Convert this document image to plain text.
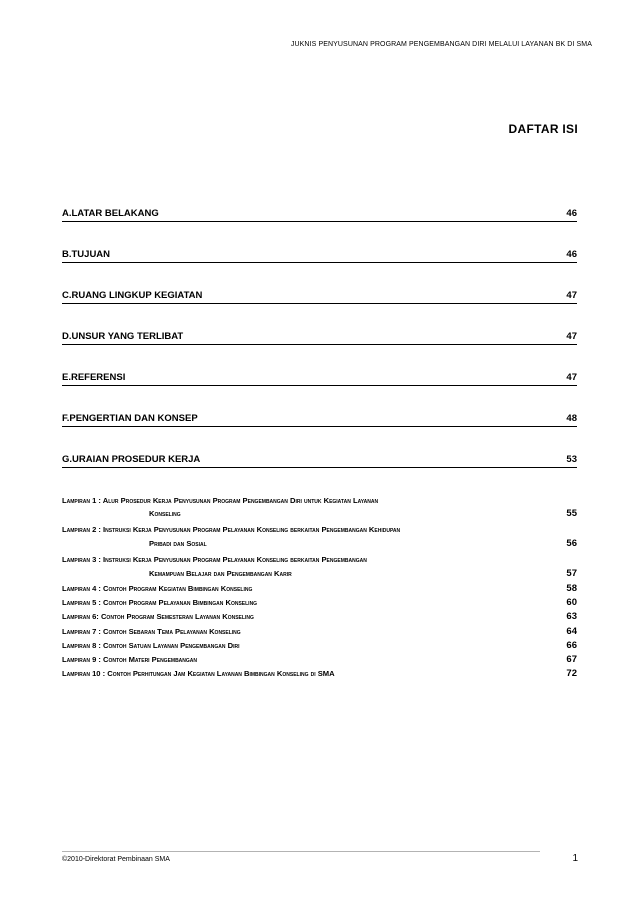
JUKNIS PENYUSUNAN PROGRAM PENGEMBANGAN DIRI MELALUI LAYANAN BK DI SMA
DAFTAR ISI
A.LATAR BELAKANG	46
B.TUJUAN	46
C.RUANG LINGKUP KEGIATAN	47
D.UNSUR YANG TERLIBAT	47
E.REFERENSI	47
F.PENGERTIAN DAN KONSEP	48
G.URAIAN PROSEDUR KERJA	53
Lampiran 1 : Alur Prosedur Kerja Penyusunan Program Pengembangan Diri untuk Kegiatan Layanan
Konseling	55
Lampiran 2 : Instruksi Kerja Penyusunan Program Pelayanan Konseling berkaitan Pengembangan Kehidupan
Pribadi dan Sosial	56
Lampiran 3 : Instruksi Kerja Penyusunan Program Pelayanan Konseling berkaitan Pengembangan
Kemampuan Belajar dan Pengembangan Karir	57
Lampiran 4 : Contoh Program Kegiatan Bimbingan Konseling	58
Lampiran 5 : Contoh Program Pelayanan Bimbingan Konseling	60
Lampiran 6: Contoh Program Semesteran Layanan Konseling	63
Lampiran 7 : Contoh Sebaran Tema Pelayanan Konseling	64
Lampiran 8 : Contoh Satuan Layanan Pengembangan Diri	66
Lampiran 9 : Contoh Materi Pengembangan	67
Lampiran 10 : Contoh Perhitungan Jam Kegiatan Layanan Bimbingan Konseling di SMA	72
©2010-Direktorat Pembinaan SMA	1
